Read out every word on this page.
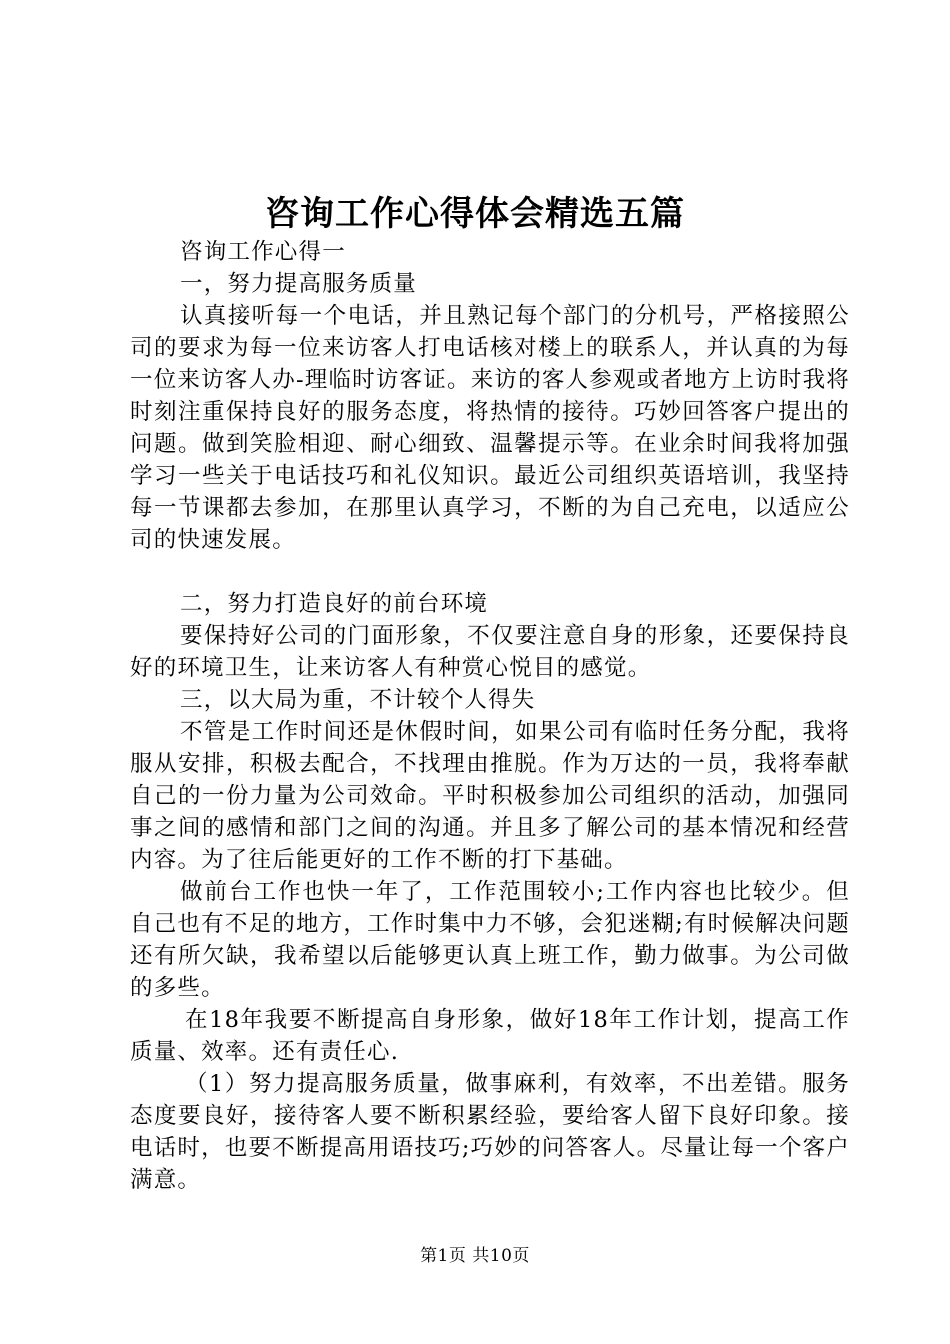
咨询工作心得体会精选五篇

咨询工作心得一

一，努力提高服务质量

认真接听每一个电话，并且熟记每个部门的分机号，严格接照公司的要求为每一位来访客人打电话核对楼上的联系人，并认真的为每一位来访客人办-理临时访客证。来访的客人参观或者地方上访时我将时刻注重保持良好的服务态度，将热情的接待。巧妙回答客户提出的问题。做到笑脸相迎、耐心细致、温馨提示等。在业余时间我将加强学习一些关于电话技巧和礼仪知识。最近公司组织英语培训，我坚持每一节课都去参加，在那里认真学习，不断的为自己充电，以适应公司的快速发展。

二，努力打造良好的前台环境

要保持好公司的门面形象，不仅要注意自身的形象，还要保持良好的环境卫生，让来访客人有种赏心悦目的感觉。

三，以大局为重，不计较个人得失

不管是工作时间还是休假时间，如果公司有临时任务分配，我将服从安排，积极去配合，不找理由推脱。作为万达的一员，我将奉献自己的一份力量为公司效命。平时积极参加公司组织的活动，加强同事之间的感情和部门之间的沟通。并且多了解公司的基本情况和经营内容。为了往后能更好的工作不断的打下基础。

做前台工作也快一年了，工作范围较小;工作内容也比较少。但自己也有不足的地方，工作时集中力不够，会犯迷糊;有时候解决问题还有所欠缺，我希望以后能够更认真上班工作，勤力做事。为公司做的多些。

在18年我要不断提高自身形象，做好18年工作计划，提高工作质量、效率。还有责任心.

（1）努力提高服务质量，做事麻利，有效率，不出差错。服务态度要良好，接待客人要不断积累经验，要给客人留下良好印象。接电话时，也要不断提高用语技巧;巧妙的问答客人。尽量让每一个客户满意。

第1页 共10页
